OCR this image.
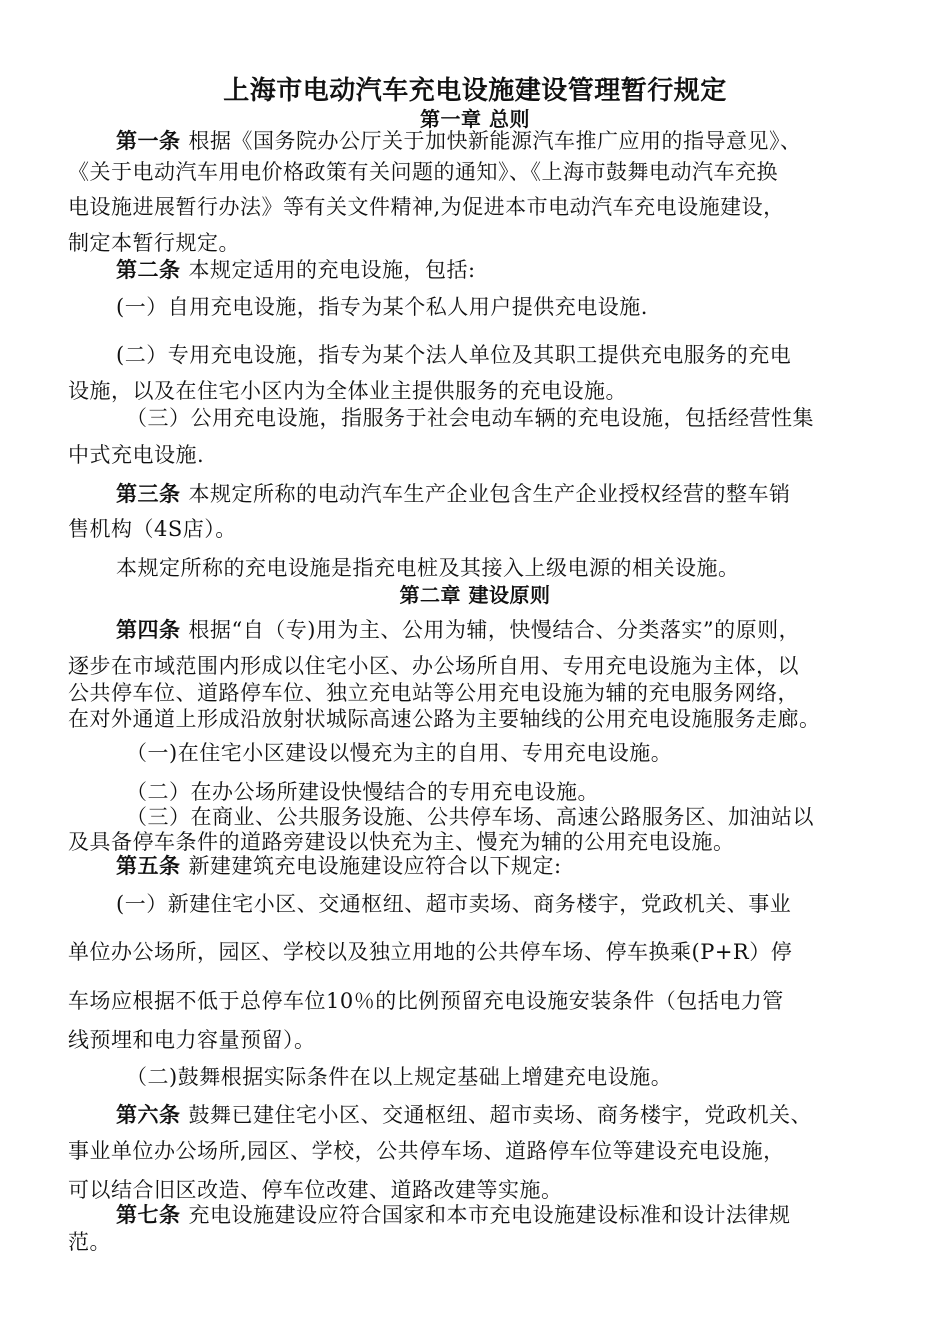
上海市电动汽车充电设施建设管理暂行规定
第一章 总则
第一条 根据《国务院办公厅关于加快新能源汽车推广应用的指导意见》、
《关于电动汽车用电价格政策有关问题的通知》、《上海市鼓舞电动汽车充换
电设施进展暂行办法》等有关文件精神,为促进本市电动汽车充电设施建设，
制定本暂行规定。
第二条 本规定适用的充电设施，包括:
(一）自用充电设施，指专为某个私人用户提供充电设施.
(二）专用充电设施，指专为某个法人单位及其职工提供充电服务的充电
设施，以及在住宅小区内为全体业主提供服务的充电设施。
（三）公用充电设施，指服务于社会电动车辆的充电设施，包括经营性集
中式充电设施.
第三条 本规定所称的电动汽车生产企业包含生产企业授权经营的整车销
售机构（4S店）。
本规定所称的充电设施是指充电桩及其接入上级电源的相关设施。
第二章 建设原则
第四条 根据“自（专)用为主、公用为辅，快慢结合、分类落实”的原则，
逐步在市域范围内形成以住宅小区、办公场所自用、专用充电设施为主体，以
公共停车位、道路停车位、独立充电站等公用充电设施为辅的充电服务网络，
在对外通道上形成沿放射状城际高速公路为主要轴线的公用充电设施服务走廊。
（一)在住宅小区建设以慢充为主的自用、专用充电设施。
（二）在办公场所建设快慢结合的专用充电设施。
（三）在商业、公共服务设施、公共停车场、高速公路服务区、加油站以
及具备停车条件的道路旁建设以快充为主、慢充为辅的公用充电设施。
第五条 新建建筑充电设施建设应符合以下规定:
(一）新建住宅小区、交通枢纽、超市卖场、商务楼宇，党政机关、事业
单位办公场所，园区、学校以及独立用地的公共停车场、停车换乘(P+R）停
车场应根据不低于总停车位10％的比例预留充电设施安装条件（包括电力管
线预埋和电力容量预留）。
（二)鼓舞根据实际条件在以上规定基础上增建充电设施。
第六条 鼓舞已建住宅小区、交通枢纽、超市卖场、商务楼宇，党政机关、
事业单位办公场所,园区、学校，公共停车场、道路停车位等建设充电设施，
可以结合旧区改造、停车位改建、道路改建等实施。
第七条 充电设施建设应符合国家和本市充电设施建设标准和设计法律规
范。
